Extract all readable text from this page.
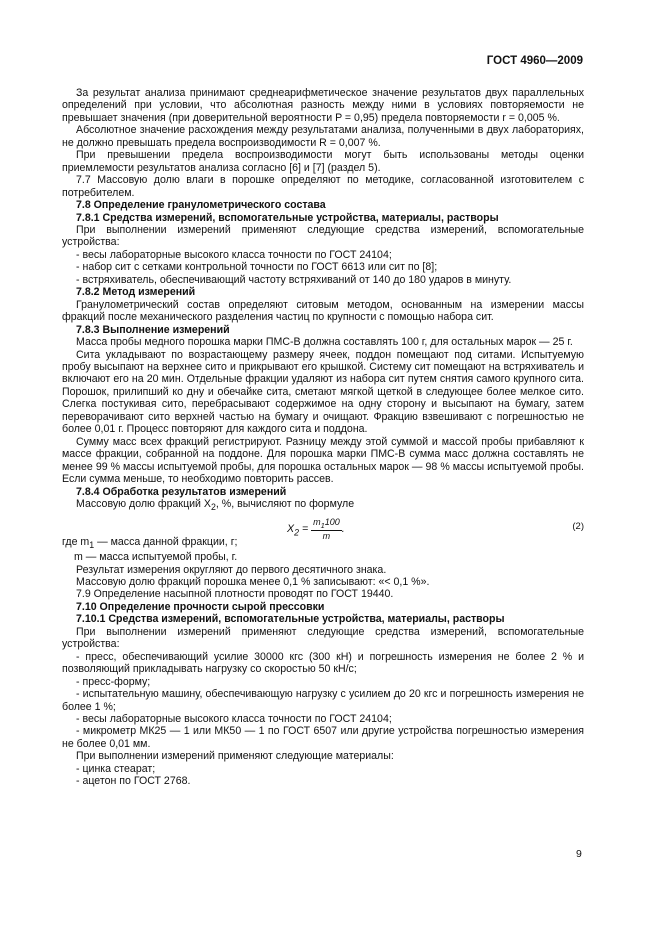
ГОСТ 4960—2009

За результат анализа принимают среднеарифметическое значение результатов двух параллельных определений при условии, что абсолютная разность между ними в условиях повторяемости не превышает значения (при доверительной вероятности P = 0,95) предела повторяемости r = 0,005 %.

Абсолютное значение расхождения между результатами анализа, полученными в двух лабораториях, не должно превышать предела воспроизводимости R = 0,007 %.

При превышении предела воспроизводимости могут быть использованы методы оценки приемлемости результатов анализа согласно [6] и [7] (раздел 5).

7.7 Массовую долю влаги в порошке определяют по методике, согласованной изготовителем с потребителем.

7.8 Определение гранулометрического состава

7.8.1 Средства измерений, вспомогательные устройства, материалы, растворы

При выполнении измерений применяют следующие средства измерений, вспомогательные устройства:

- весы лабораторные высокого класса точности по ГОСТ 24104;

- набор сит с сетками контрольной точности по ГОСТ 6613 или сит по [8];

- встряхиватель, обеспечивающий частоту встряхиваний от 140 до 180 ударов в минуту.

7.8.2 Метод измерений

Гранулометрический состав определяют ситовым методом, основанным на измерении массы фракций после механического разделения частиц по крупности с помощью набора сит.

7.8.3 Выполнение измерений

Масса пробы медного порошка марки ПМС-В должна составлять 100 г, для остальных марок — 25 г.

Сита укладывают по возрастающему размеру ячеек, поддон помещают под ситами. Испытуемую пробу высыпают на верхнее сито и прикрывают его крышкой. Систему сит помещают на встряхиватель и включают его на 20 мин. Отдельные фракции удаляют из набора сит путем снятия самого крупного сита. Порошок, прилипший ко дну и обечайке сита, сметают мягкой щеткой в следующее более мелкое сито. Слегка постукивая сито, перебрасывают содержимое на одну сторону и высыпают на бумагу, затем переворачивают сито верхней частью на бумагу и очищают. Фракцию взвешивают с погрешностью не более 0,01 г. Процесс повторяют для каждого сита и поддона.

Сумму масс всех фракций регистрируют. Разницу между этой суммой и массой пробы прибавляют к массе фракции, собранной на поддоне. Для порошка марки ПМС-В сумма масс должна составлять не менее 99 % массы испытуемой пробы, для порошка остальных марок — 98 % массы испытуемой пробы. Если сумма меньше, то необходимо повторить рассев.

7.8.4 Обработка результатов измерений

Массовую долю фракций $X_2$, %, вычисляют по формуле

$X_2 = \frac{m_1100}{m}$ .	(2)

где $m_1$ — масса данной фракции, г;

m — масса испытуемой пробы, г.

Результат измерения округляют до первого десятичного знака.

Массовую долю фракций порошка менее 0,1 % записывают: «< 0,1 %».

7.9 Определение насыпной плотности проводят по ГОСТ 19440.

7.10 Определение прочности сырой прессовки

7.10.1 Средства измерений, вспомогательные устройства, материалы, растворы

При выполнении измерений применяют следующие средства измерений, вспомогательные устройства:

- пресс, обеспечивающий усилие 30000 кгс (300 кН) и погрешность измерения не более 2 % и позволяющий прикладывать нагрузку со скоростью 50 кН/с;

- пресс-форму;

- испытательную машину, обеспечивающую нагрузку с усилием до 20 кгс и погрешность измерения не более 1 %;

- весы лабораторные высокого класса точности по ГОСТ 24104;

- микрометр МК25 — 1 или МК50 — 1 по ГОСТ 6507 или другие устройства погрешностью измерения не более 0,01 мм.

При выполнении измерений применяют следующие материалы:

- цинка стеарат;

- ацетон по ГОСТ 2768.

9
